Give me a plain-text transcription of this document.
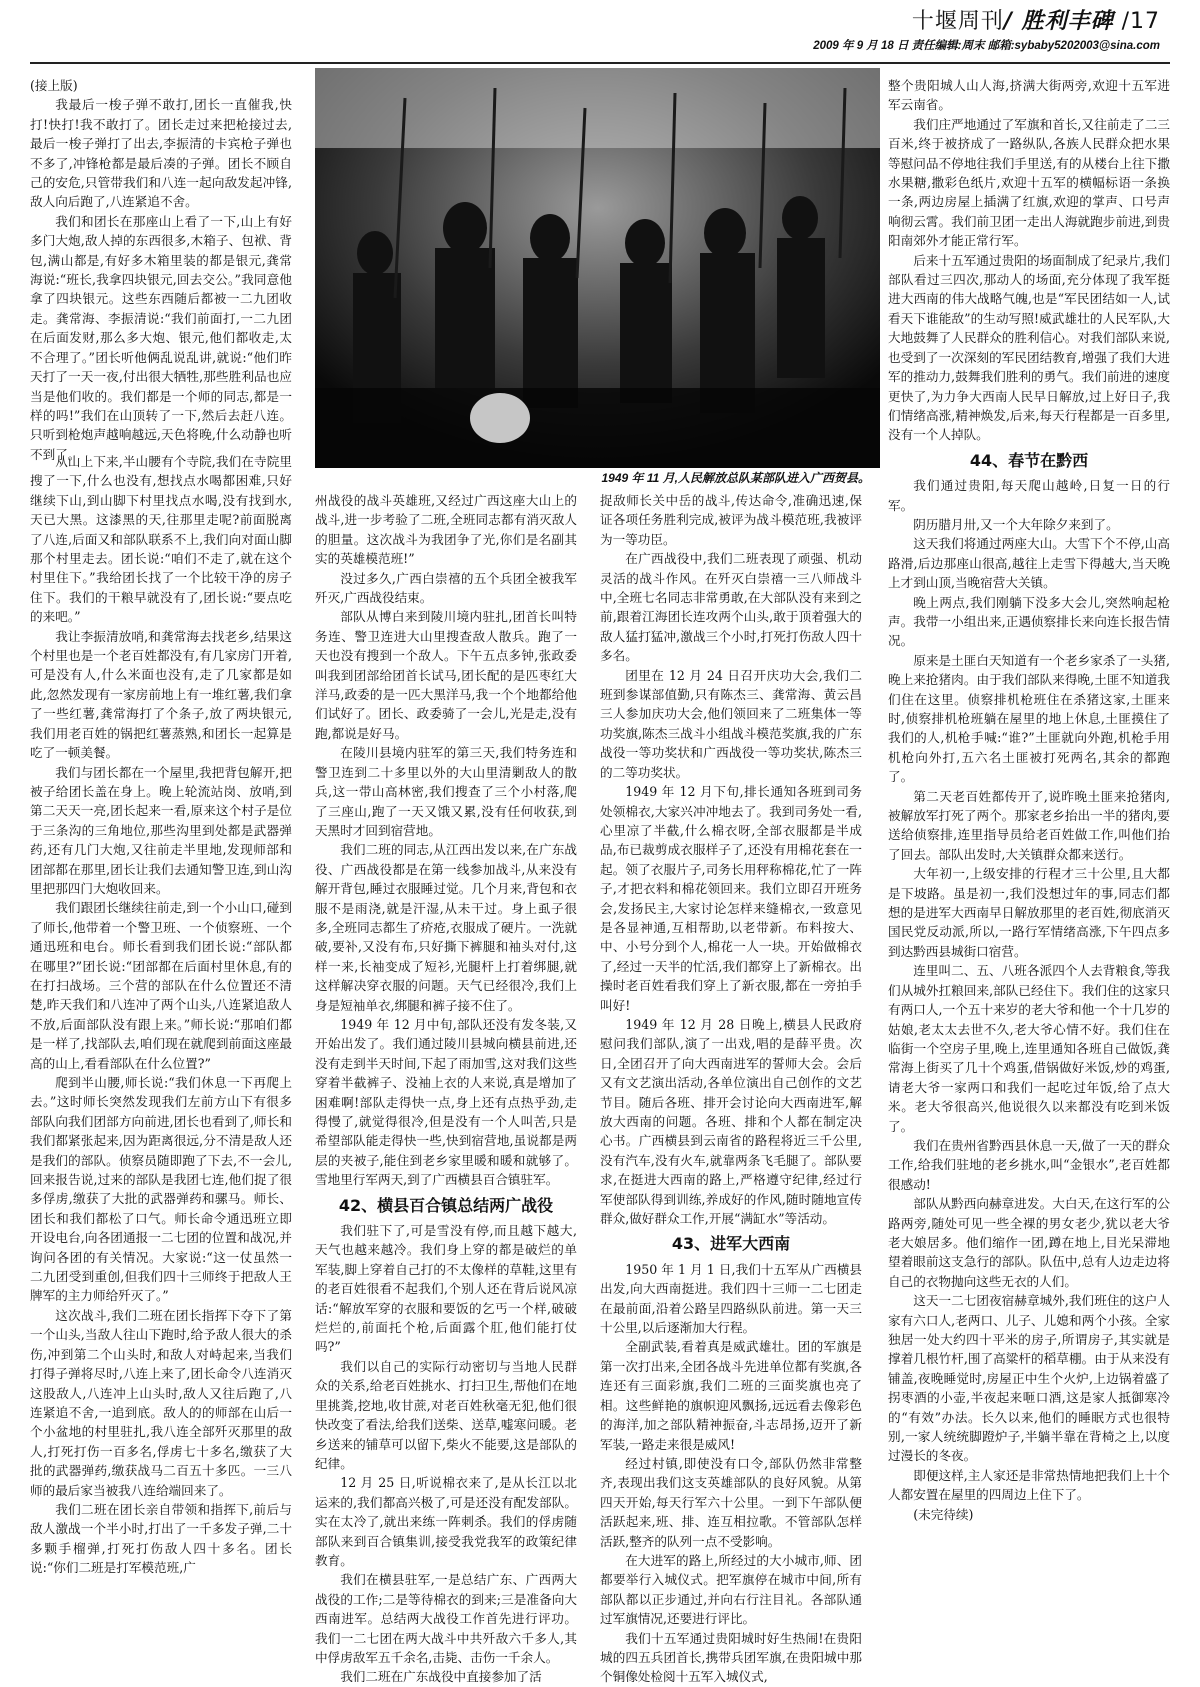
十堰周刊/ 胜利丰碑 /17
2009 年 9 月 18 日 责任编辑:周末 邮箱:sybaby5202003@sina.com

(接上版)

我最后一梭子弹不敢打,团长一直催我,快打!快打!我不敢打了。团长走过来把枪接过去,最后一梭子弹打了出去,李振清的卡宾枪子弹也不多了,冲锋枪都是最后凑的子弹。团长不顾自己的安危,只管带我们和八连一起向敌发起冲锋,敌人向后跑了,八连紧追不舍。

我们和团长在那座山上看了一下,山上有好多门大炮,敌人掉的东西很多,木箱子、包袱、背包,满山都是,有好多木箱里装的都是银元,龚常海说:“班长,我拿四块银元,回去交公。”我同意他拿了四块银元。这些东西随后都被一二九团收走。龚常海、李振清说:“我们前面打,一二九团在后面发财,那么多大炮、银元,他们都收走,太不合理了。”团长听他俩乱说乱讲,就说:“他们昨天打了一天一夜,付出很大牺牲,那些胜利品也应当是他们收的。我们都是一个师的同志,都是一样的吗!”我们在山顶转了一下,然后去赶八连。只听到枪炮声越响越远,天色将晚,什么动静也听不到了。

从山上下来,半山腰有个寺院,我们在寺院里搜了一下,什么也没有,想找点水喝都困难,只好继续下山,到山脚下村里找点水喝,没有找到水,天已大黑。这漆黑的天,往那里走呢?前面脱离了八连,后面又和部队联系不上,我们向对面山脚那个村里走去。团长说:“咱们不走了,就在这个村里住下。”我给团长找了一个比较干净的房子住下。我们的干粮早就没有了,团长说:“要点吃的来吧。”

我让李振清放哨,和龚常海去找老乡,结果这个村里也是一个老百姓都没有,有几家房门开着,可是没有人,什么米面也没有,走了几家都是如此,忽然发现有一家房前地上有一堆红薯,我们拿了一些红薯,龚常海打了个条子,放了两块银元,我们用老百姓的锅把红薯蒸熟,和团长一起算是吃了一顿美餐。

我们与团长都在一个屋里,我把背包解开,把被子给团长盖在身上。晚上轮流站岗、放哨,到第二天天一亮,团长起来一看,原来这个村子是位于三条沟的三角地位,那些沟里到处都是武器弹药,还有几门大炮,又往前走半里地,发现师部和团部都在那里,团长让我们去通知警卫连,到山沟里把那四门大炮收回来。

我们跟团长继续往前走,到一个小山口,碰到了师长,他带着一个警卫班、一个侦察班、一个通迅班和电台。师长看到我们团长说:“部队都在哪里?”团长说:“团部都在后面村里休息,有的在打扫战场。三个营的部队在什么位置还不清楚,昨天我们和八连冲了两个山头,八连紧追敌人不放,后面部队没有跟上来。”师长说:“那咱们都是一样了,找部队去,咱们现在就爬到前面这座最高的山上,看看部队在什么位置?”

爬到半山腰,师长说:“我们休息一下再爬上去。”这时师长突然发现我们左前方山下有很多部队向我们团部方向前进,团长也看到了,师长和我们都紧张起来,因为距离很远,分不清是敌人还是我们的部队。侦察员随即跑了下去,不一会儿,回来报告说,过来的部队是我团七连,他们捉了很多俘虏,缴获了大批的武器弹药和骡马。师长、团长和我们都松了口气。师长命令通迅班立即开设电台,向各团通报一二七团的位置和战况,并询问各团的有关情况。大家说:“这一仗虽然一二九团受到重创,但我们四十三师终于把敌人王牌军的主力师给歼灭了。”

这次战斗,我们二班在团长指挥下夺下了第一个山头,当敌人往山下跑时,给予敌人很大的杀伤,冲到第二个山头时,和敌人对峙起来,当我们打得子弹将尽时,八连上来了,团长命令八连消灭这股敌人,八连冲上山头时,敌人又往后跑了,八连紧追不舍,一追到底。敌人的的师部在山后一个小盆地的村里驻扎,我八连全部歼灭那里的敌人,打死打伤一百多名,俘虏七十多名,缴获了大批的武器弹药,缴获战马二百五十多匹。一三八师的最后家当被我八连给端回来了。

我们二班在团长亲自带领和指挥下,前后与敌人激战一个半小时,打出了一千多发子弹,二十多颗手榴弹,打死打伤敌人四十多名。团长说:“你们二班是打军模范班,广

1949 年 11 月,人民解放总队某部队进入广西贺县。

州战役的战斗英雄班,又经过广西这座大山上的战斗,进一步考验了二班,全班同志都有消灭敌人的胆量。这次战斗为我团争了光,你们是名副其实的英雄模范班!”

没过多久,广西白崇禧的五个兵团全被我军歼灭,广西战役结束。

部队从博白来到陵川境内驻扎,团首长叫特务连、警卫连进大山里搜查敌人散兵。跑了一天也没有搜到一个敌人。下午五点多钟,张政委叫我到团部给团首长试马,团长配的是匹枣红大洋马,政委的是一匹大黑洋马,我一个个地都给他们试好了。团长、政委骑了一会儿,光是走,没有跑,都说是好马。

在陵川县境内驻军的第三天,我们特务连和警卫连到二十多里以外的大山里清剿敌人的散兵,这一带山高林密,我们搜查了三个小村落,爬了三座山,跑了一天又饿又累,没有任何收获,到天黑时才回到宿营地。

我们二班的同志,从江西出发以来,在广东战役、广西战役都是在第一线参加战斗,从来没有解开背包,睡过衣服睡过觉。几个月来,背包和衣服不是雨浇,就是汗湿,从未干过。身上虱子很多,全班同志都生了疥疮,衣服成了硬片。一洗就破,要补,又没有布,只好撕下裤腿和袖头对付,这样一来,长袖变成了短衫,光腿杆上打着绑腿,就这样解决穿衣服的问题。天气已经很冷,我们上身是短袖单衣,绑腿和裤子接不住了。

1949 年 12 月中旬,部队还没有发冬装,又开始出发了。我们通过陵川县城向横县前进,还没有走到半天时间,下起了雨加雪,这对我们这些穿着半截裤子、没袖上衣的人来说,真是增加了困难啊!部队走得快一点,身上还有点热乎劲,走得慢了,就觉得很冷,但是没有一个人叫苦,只是希望部队能走得快一些,快到宿营地,虽说都是两层的夹被子,能住到老乡家里暖和暖和就够了。雪地里行军两天,到了广西横县百合镇驻军。

42、横县百合镇总结两广战役

我们驻下了,可是雪没有停,而且越下越大,天气也越来越冷。我们身上穿的都是破烂的单军装,脚上穿着自己打的不太像样的草鞋,这里有的老百姓很看不起我们,个别人还在背后说风凉话:“解放军穿的衣服和要饭的乞丐一个样,破破烂烂的,前面托个枪,后面露个肛,他们能打仗吗?”

我们以自己的实际行动密切与当地人民群众的关系,给老百姓挑水、打扫卫生,帮他们在地里挑粪,挖地,收甘蔗,对老百姓秋毫无犯,他们很快改变了看法,给我们送柴、送草,嘘寒问暖。老乡送来的铺草可以留下,柴火不能要,这是部队的纪律。

12 月 25 日,听说棉衣来了,是从长江以北运来的,我们都高兴极了,可是还没有配发部队。实在太冷了,就出来练一阵刺杀。我们的俘虏随部队来到百合镇集训,接受我党我军的政策纪律教育。

我们在横县驻军,一是总结广东、广西两大战役的工作;二是等待棉衣的到来;三是准备向大西南进军。总结两大战役工作首先进行评功。我们一二七团在两大战斗中共歼敌六千多人,其中俘虏敌军五千余名,击毙、击伤一千余人。

我们二班在广东战役中直接参加了活

捉敌师长关中岳的战斗,传达命令,准确迅速,保证各项任务胜利完成,被评为战斗模范班,我被评为一等功臣。

在广西战役中,我们二班表现了顽强、机动灵活的战斗作风。在歼灭白崇禧一三八师战斗中,全班七名同志非常勇敢,在大部队没有来到之前,跟着江海团长连攻两个山头,敢于顶着强大的敌人猛打猛冲,激战三个小时,打死打伤敌人四十多名。

团里在 12 月 24 日召开庆功大会,我们二班到参谋部值勤,只有陈杰三、龚常海、黄云昌三人参加庆功大会,他们领回来了二班集体一等功奖旗,陈杰三战斗小组战斗模范奖旗,我的广东战役一等功奖状和广西战役一等功奖状,陈杰三的二等功奖状。

1949 年 12 月下旬,排长通知各班到司务处领棉衣,大家兴冲冲地去了。我到司务处一看,心里凉了半截,什么棉衣呀,全部衣服都是半成品,布已裁剪成衣服样子了,还没有用棉花套在一起。领了衣服片子,司务长用秤称棉花,忙了一阵子,才把衣料和棉花领回来。我们立即召开班务会,发扬民主,大家讨论怎样来缝棉衣,一致意见是各显神通,互相帮助,以老带新。布料按大、中、小号分到个人,棉花一人一块。开始做棉衣了,经过一天半的忙活,我们都穿上了新棉衣。出操时老百姓看我们穿上了新衣服,都在一旁拍手叫好!

1949 年 12 月 28 日晚上,横县人民政府慰问我们部队,演了一出戏,唱的是薛平贵。次日,全团召开了向大西南进军的誓师大会。会后又有文艺演出活动,各单位演出自己创作的文艺节目。随后各班、排开会讨论向大西南进军,解放大西南的问题。各班、排和个人都在制定决心书。广西横县到云南省的路程将近三千公里,没有汽车,没有火车,就靠两条飞毛腿了。部队要求,在挺进大西南的路上,严格遵守纪律,经过行军使部队得到训练,养成好的作风,随时随地宣传群众,做好群众工作,开展“满缸水”等活动。

43、进军大西南

1950 年 1 月 1 日,我们十五军从广西横县出发,向大西南挺进。我们四十三师一二七团走在最前面,沿着公路呈四路纵队前进。第一天三十公里,以后逐渐加大行程。

全副武装,看着真是威武雄壮。团的军旗是第一次打出来,全团各战斗先进单位都有奖旗,各连还有三面彩旗,我们二班的三面奖旗也亮了相。这些鲜艳的旗帜迎风飘扬,远远看去像彩色的海洋,加之部队精神振奋,斗志昂扬,迈开了新军装,一路走来很是威风!

经过村镇,即使没有口令,部队仍然非常整齐,表现出我们这支英雄部队的良好风貌。从第四天开始,每天行军六十公里。一到下午部队便活跃起来,班、排、连互相拉歌。不管部队怎样活跃,整齐的队列一点不受影响。

在大进军的路上,所经过的大小城市,师、团都要举行入城仪式。把军旗停在城市中间,所有部队都以正步通过,并向右行注目礼。各部队通过军旗情况,还要进行评比。

我们十五军通过贵阳城时好生热闹!在贵阳城的四五兵团首长,携带兵团军旗,在贵阳城中那个铜像处检阅十五军入城仪式,

整个贵阳城人山人海,挤满大街两旁,欢迎十五军进军云南省。

我们庄严地通过了军旗和首长,又往前走了二三百米,终于被挤成了一路纵队,各族人民群众把水果等慰问品不停地往我们手里送,有的从楼台上往下撒水果糖,撒彩色纸片,欢迎十五军的横幅标语一条换一条,两边房屋上插满了红旗,欢迎的掌声、口号声响彻云霄。我们前卫团一走出人海就跑步前进,到贵阳南郊外才能正常行军。

后来十五军通过贵阳的场面制成了纪录片,我们部队看过三四次,那动人的场面,充分体现了我军挺进大西南的伟大战略气魄,也是“军民团结如一人,试看天下谁能敌”的生动写照!威武雄壮的人民军队,大大地鼓舞了人民群众的胜利信心。对我们部队来说,也受到了一次深刻的军民团结教育,增强了我们大进军的推动力,鼓舞我们胜利的勇气。我们前进的速度更快了,为力争大西南人民早日解放,过上好日子,我们情绪高涨,精神焕发,后来,每天行程都是一百多里,没有一个人掉队。

44、春节在黔西

我们通过贵阳,每天爬山越岭,日复一日的行军。

阴历腊月卅,又一个大年除夕来到了。

这天我们将通过两座大山。大雪下个不停,山高路滑,后边那座山很高,越往上走雪下得越大,当天晚上才到山顶,当晚宿营大关镇。

晚上两点,我们刚躺下没多大会儿,突然响起枪声。我带一小组出来,正遇侦察排长来向连长报告情况。

原来是土匪白天知道有一个老乡家杀了一头猪,晚上来抢猪肉。由于我们部队来得晚,土匪不知道我们住在这里。侦察排机枪班住在杀猪这家,土匪来时,侦察排机枪班躺在屋里的地上休息,土匪摸住了我们的人,机枪手喊:“谁?”土匪就向外跑,机枪手用机枪向外打,五六名土匪被打死两名,其余的都跑了。

第二天老百姓都传开了,说昨晚土匪来抢猪肉,被解放军打死了两个。那家老乡抬出一半的猪肉,要送给侦察排,连里指导员给老百姓做工作,叫他们抬了回去。部队出发时,大关镇群众都来送行。

大年初一,上级安排的行程才三十公里,且大都是下坡路。虽是初一,我们没想过年的事,同志们都想的是进军大西南早日解放那里的老百姓,彻底消灭国民党反动派,所以,一路行军情绪高涨,下午四点多到达黔西县城街口宿营。

连里叫二、五、八班各派四个人去背粮食,等我们从城外扛粮回来,部队已经住下。我们住的这家只有两口人,一个五十来岁的老大爷和他一个十几岁的姑娘,老太太去世不久,老大爷心情不好。我们住在临街一个空房子里,晚上,连里通知各班自己做饭,龚常海上街买了几十个鸡蛋,借锅做好米饭,炒的鸡蛋,请老大爷一家两口和我们一起吃过年饭,给了点大米。老大爷很高兴,他说很久以来都没有吃到米饭了。

我们在贵州省黔西县休息一天,做了一天的群众工作,给我们驻地的老乡挑水,叫“金银水”,老百姓都很感动!

部队从黔西向赫章进发。大白天,在这行军的公路两旁,随处可见一些全裸的男女老少,犹以老大爷老大娘居多。他们缩作一团,蹲在地上,目光呆滞地望着眼前这支急行的部队。队伍中,总有人边走边将自己的衣物抛向这些无衣的人们。

这天一二七团夜宿赫章城外,我们班住的这户人家有六口人,老两口、儿子、儿媳和两个小孩。全家独居一处大约四十平米的房子,所谓房子,其实就是撑着几根竹杆,围了高粱杆的稻草棚。由于从来没有铺盖,夜晚睡觉时,房屋正中生个火炉,上边锅着盛了拐枣酒的小壶,半夜起来咂口酒,这是家人抵御寒冷的“有效”办法。长久以来,他们的睡眠方式也很特别,一家人统统脚蹬炉子,半躺半靠在背椅之上,以度过漫长的冬夜。

即便这样,主人家还是非常热情地把我们上十个人都安置在屋里的四周边上住下了。

(未完待续)
